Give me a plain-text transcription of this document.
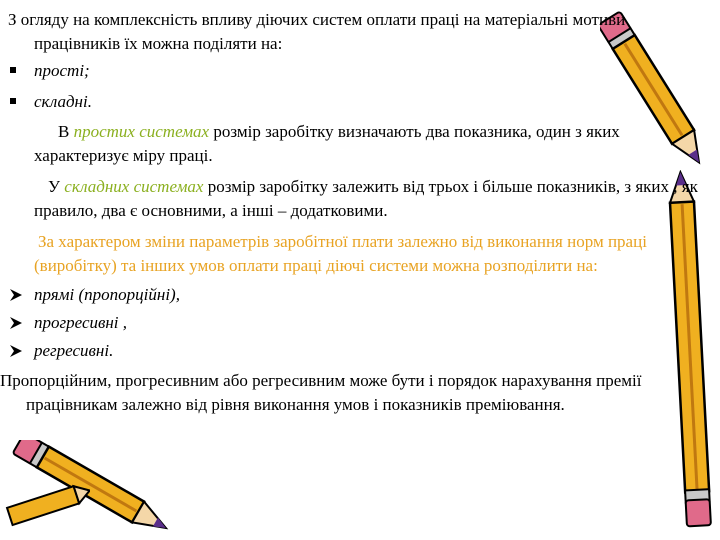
З огляду на комплексність впливу діючих систем оплати праці на матеріальні мотиви працівників їх можна поділяти на:

прості;
складні.

В простих системах розмір заробітку визначають два показника, один з яких характеризує міру праці.

У складних системах розмір заробітку залежить від трьох і більше показників, з яких , як правило, два є основними, а інші – додатковими.

За характером зміни параметрів заробітної плати залежно від виконання норм праці (виробітку) та інших умов оплати праці діючі системи можна розподілити на:

прямі (пропорційні),
прогресивні ,
регресивні.

Пропорційним, прогресивним або регресивним може бути і порядок нарахування премії працівникам залежно від рівня виконання умов і показників преміювання.
